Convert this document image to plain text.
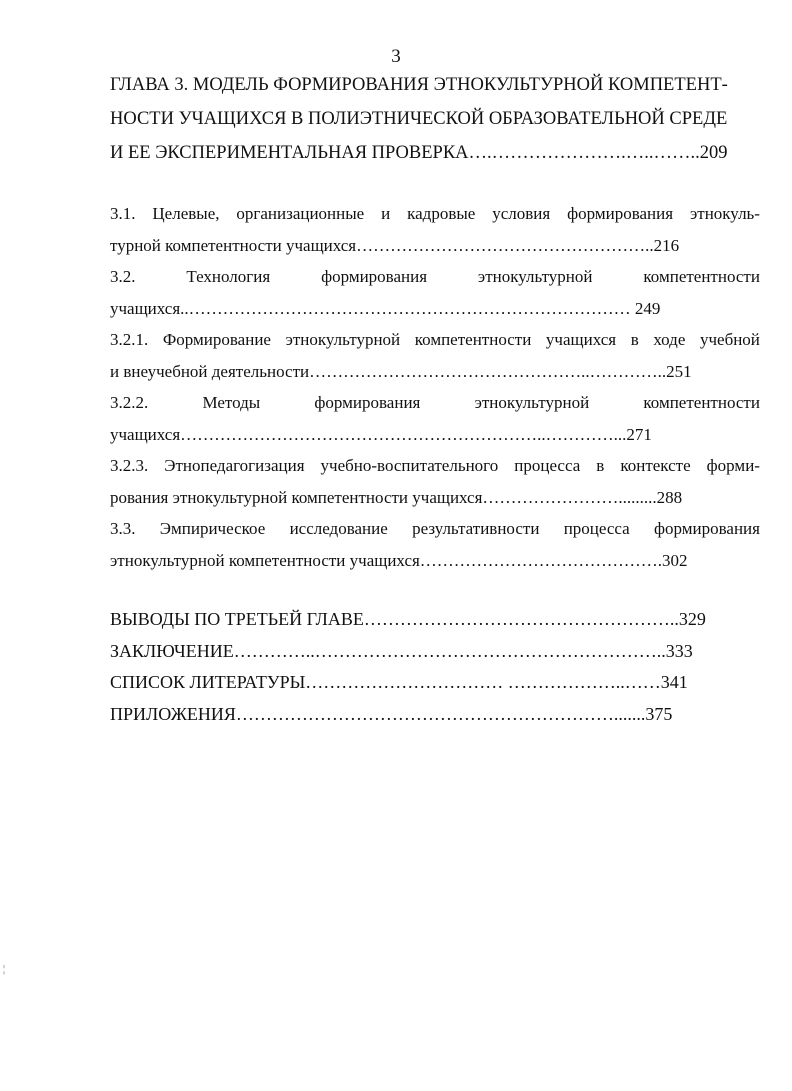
3
ГЛАВА 3. МОДЕЛЬ ФОРМИРОВАНИЯ ЭТНОКУЛЬТУРНОЙ КОМПЕТЕНТ-
НОСТИ УЧАЩИХСЯ В ПОЛИЭТНИЧЕСКОЙ ОБРАЗОВАТЕЛЬНОЙ СРЕДЕ
И ЕЕ ЭКСПЕРИМЕНТАЛЬНАЯ ПРОВЕРКА….………………….…..……..209
3.1. Целевые, организационные и кадровые условия формирования этнокуль-
турной компетентности учащихся……………………………………………..216
3.2.	Технология	формирования	этнокультурной	компетентности
учащихся..…………………………………………………………………… 249
3.2.1. Формирование этнокультурной компетентности учащихся в ходе учебной
и внеучебной деятельности…………………………………………..…………..251
3.2.2.	Методы	формирования	этнокультурной	компетентности
учащихся………………………………………………………..…………...271
3.2.3. Этнопедагогизация учебно-воспитательного процесса в контексте форми-
рования этнокультурной компетентности учащихся…………………….........288
3.3. Эмпирическое исследование результативности процесса формирования
этнокультурной компетентности учащихся…………………………………….302
ВЫВОДЫ ПО ТРЕТЬЕЙ ГЛАВЕ……………………………………………..329
ЗАКЛЮЧЕНИЕ…………..…………………………………………………..333
СПИСОК ЛИТЕРАТУРЫ…………………………… ………………..……341
ПРИЛОЖЕНИЯ……………………………………………………….......375
¦
